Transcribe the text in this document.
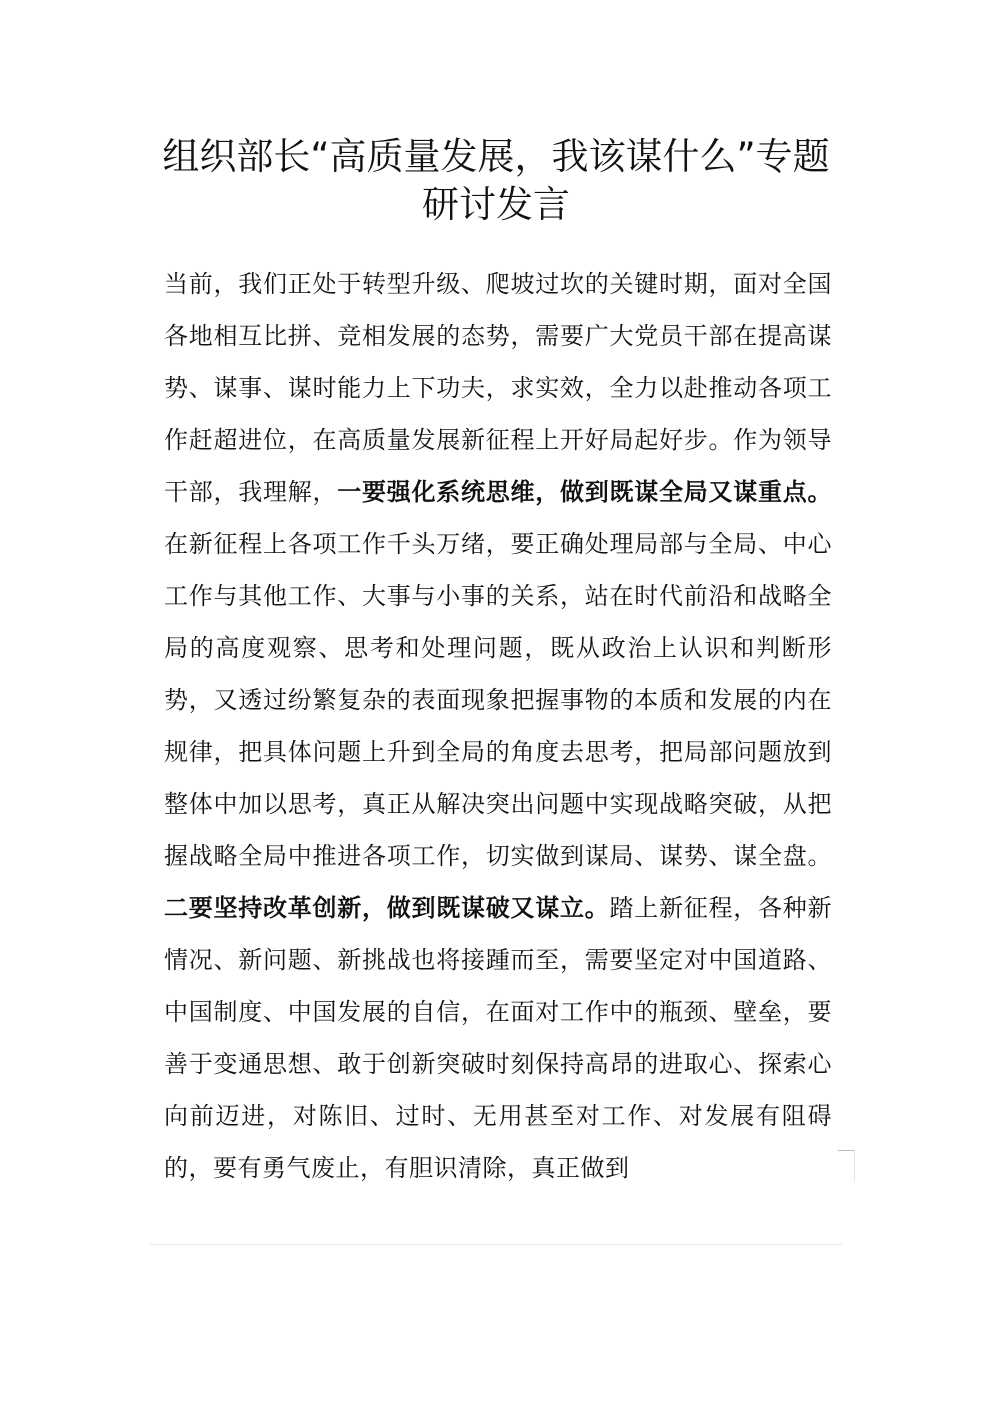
组织部长“高质量发展，我该谋什么”专题研讨发言

当前，我们正处于转型升级、爬坡过坎的关键时期，面对全国各地相互比拼、竞相发展的态势，需要广大党员干部在提高谋势、谋事、谋时能力上下功夫，求实效，全力以赴推动各项工作赶超进位，在高质量发展新征程上开好局起好步。作为领导干部，我理解，一要强化系统思维，做到既谋全局又谋重点。在新征程上各项工作千头万绪，要正确处理局部与全局、中心工作与其他工作、大事与小事的关系，站在时代前沿和战略全局的高度观察、思考和处理问题，既从政治上认识和判断形势，又透过纷繁复杂的表面现象把握事物的本质和发展的内在规律，把具体问题上升到全局的角度去思考，把局部问题放到整体中加以思考，真正从解决突出问题中实现战略突破，从把握战略全局中推进各项工作，切实做到谋局、谋势、谋全盘。二要坚持改革创新，做到既谋破又谋立。踏上新征程，各种新情况、新问题、新挑战也将接踵而至，需要坚定对中国道路、中国制度、中国发展的自信，在面对工作中的瓶颈、壁垒，要善于变通思想、敢于创新突破时刻保持高昂的进取心、探索心向前迈进，对陈旧、过时、无用甚至对工作、对发展有阻碍的，要有勇气废止，有胆识清除，真正做到
